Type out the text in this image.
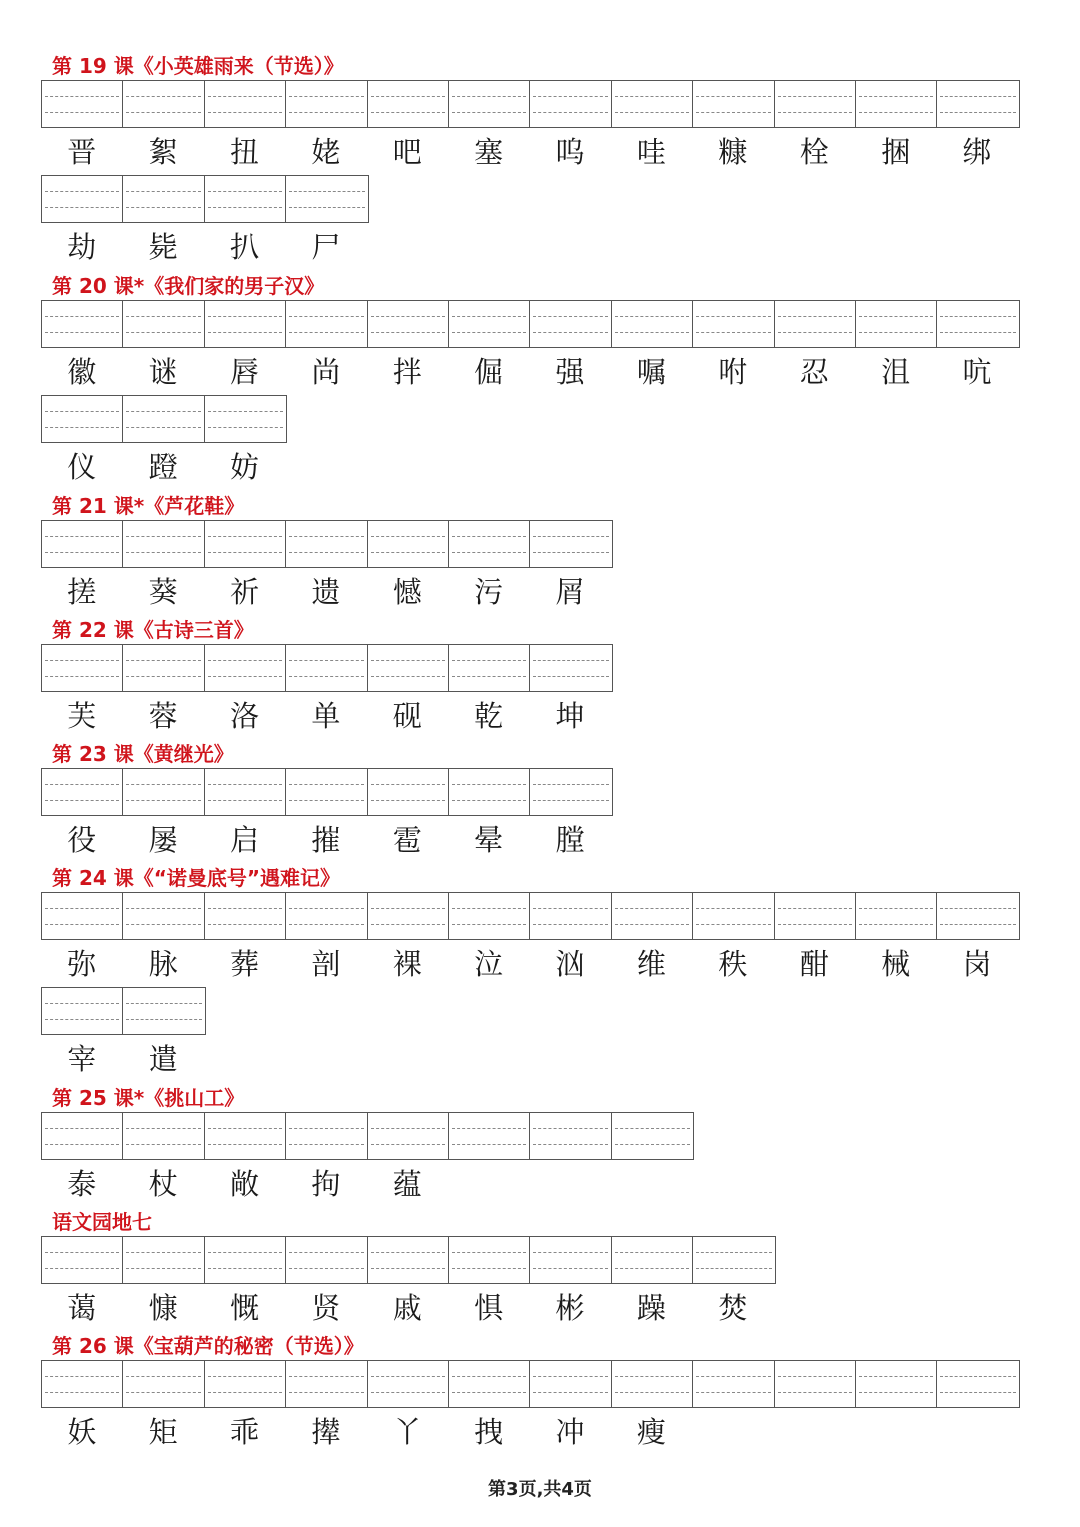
第 19 课《小英雄雨来（节选）》
晋	絮	扭	姥	吧	塞	呜	哇	糠	栓	捆	绑
劫	毙	扒	尸
第 20 课*《我们家的男子汉》
徽	谜	唇	尚	拌	倔	强	嘱	咐	忍	沮	吭
仪	蹬	妨
第 21 课*《芦花鞋》
搓	葵	祈	遗	憾	污	屑
第 22 课《古诗三首》
芙	蓉	洛	单	砚	乾	坤
第 23 课《黄继光》
役	屡	启	摧	雹	晕	膛
第 24 课《“诺曼底号”遇难记》
弥	脉	葬	剖	裸	泣	汹	维	秩	酣	械	岗
宰	遣
第 25 课*《挑山工》
泰	杖	敞	拘	蕴
语文园地七
蔼	慷	慨	贤	戚	惧	彬	躁	焚
第 26 课《宝葫芦的秘密（节选）》
妖	矩	乖	撵	丫	拽	冲	瘦
第3页,共4页
